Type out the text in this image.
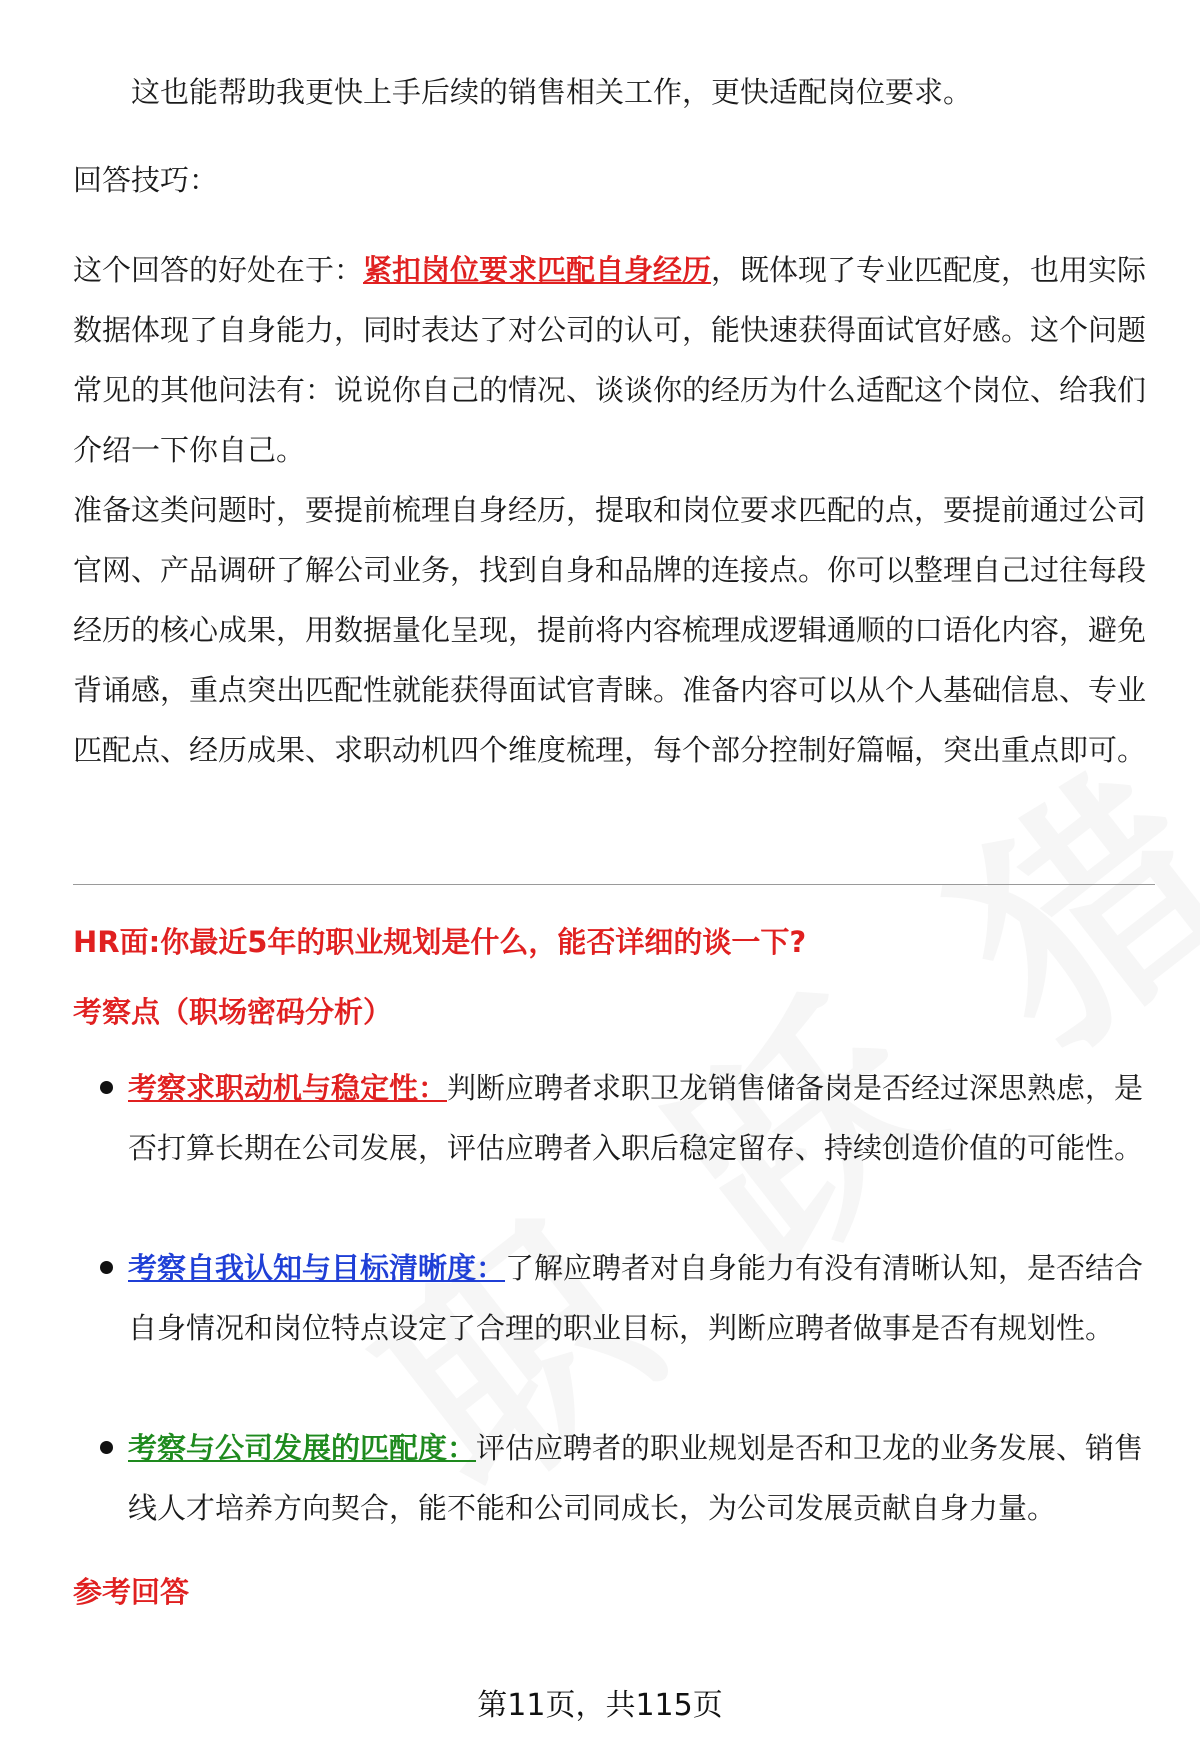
这也能帮助我更快上手后续的销售相关工作，更快适配岗位要求。

回答技巧：

这个回答的好处在于：紧扣岗位要求匹配自身经历，既体现了专业匹配度，也用实际数据体现了自身能力，同时表达了对公司的认可，能快速获得面试官好感。这个问题常见的其他问法有：说说你自己的情况、谈谈你的经历为什么适配这个岗位、给我们介绍一下你自己。

准备这类问题时，要提前梳理自身经历，提取和岗位要求匹配的点，要提前通过公司官网、产品调研了解公司业务，找到自身和品牌的连接点。你可以整理自己过往每段经历的核心成果，用数据量化呈现，提前将内容梳理成逻辑通顺的口语化内容，避免背诵感，重点突出匹配性就能获得面试官青睐。准备内容可以从个人基础信息、专业匹配点、经历成果、求职动机四个维度梳理，每个部分控制好篇幅，突出重点即可。

HR面:你最近5年的职业规划是什么，能否详细的谈一下?

考察点（职场密码分析）

考察求职动机与稳定性：判断应聘者求职卫龙销售储备岗是否经过深思熟虑，是否打算长期在公司发展，评估应聘者入职后稳定留存、持续创造价值的可能性。
考察自我认知与目标清晰度：了解应聘者对自身能力有没有清晰认知，是否结合自身情况和岗位特点设定了合理的职业目标，判断应聘者做事是否有规划性。
考察与公司发展的匹配度：评估应聘者的职业规划是否和卫龙的业务发展、销售线人才培养方向契合，能不能和公司同成长，为公司发展贡献自身力量。

参考回答

第11页，共115页
